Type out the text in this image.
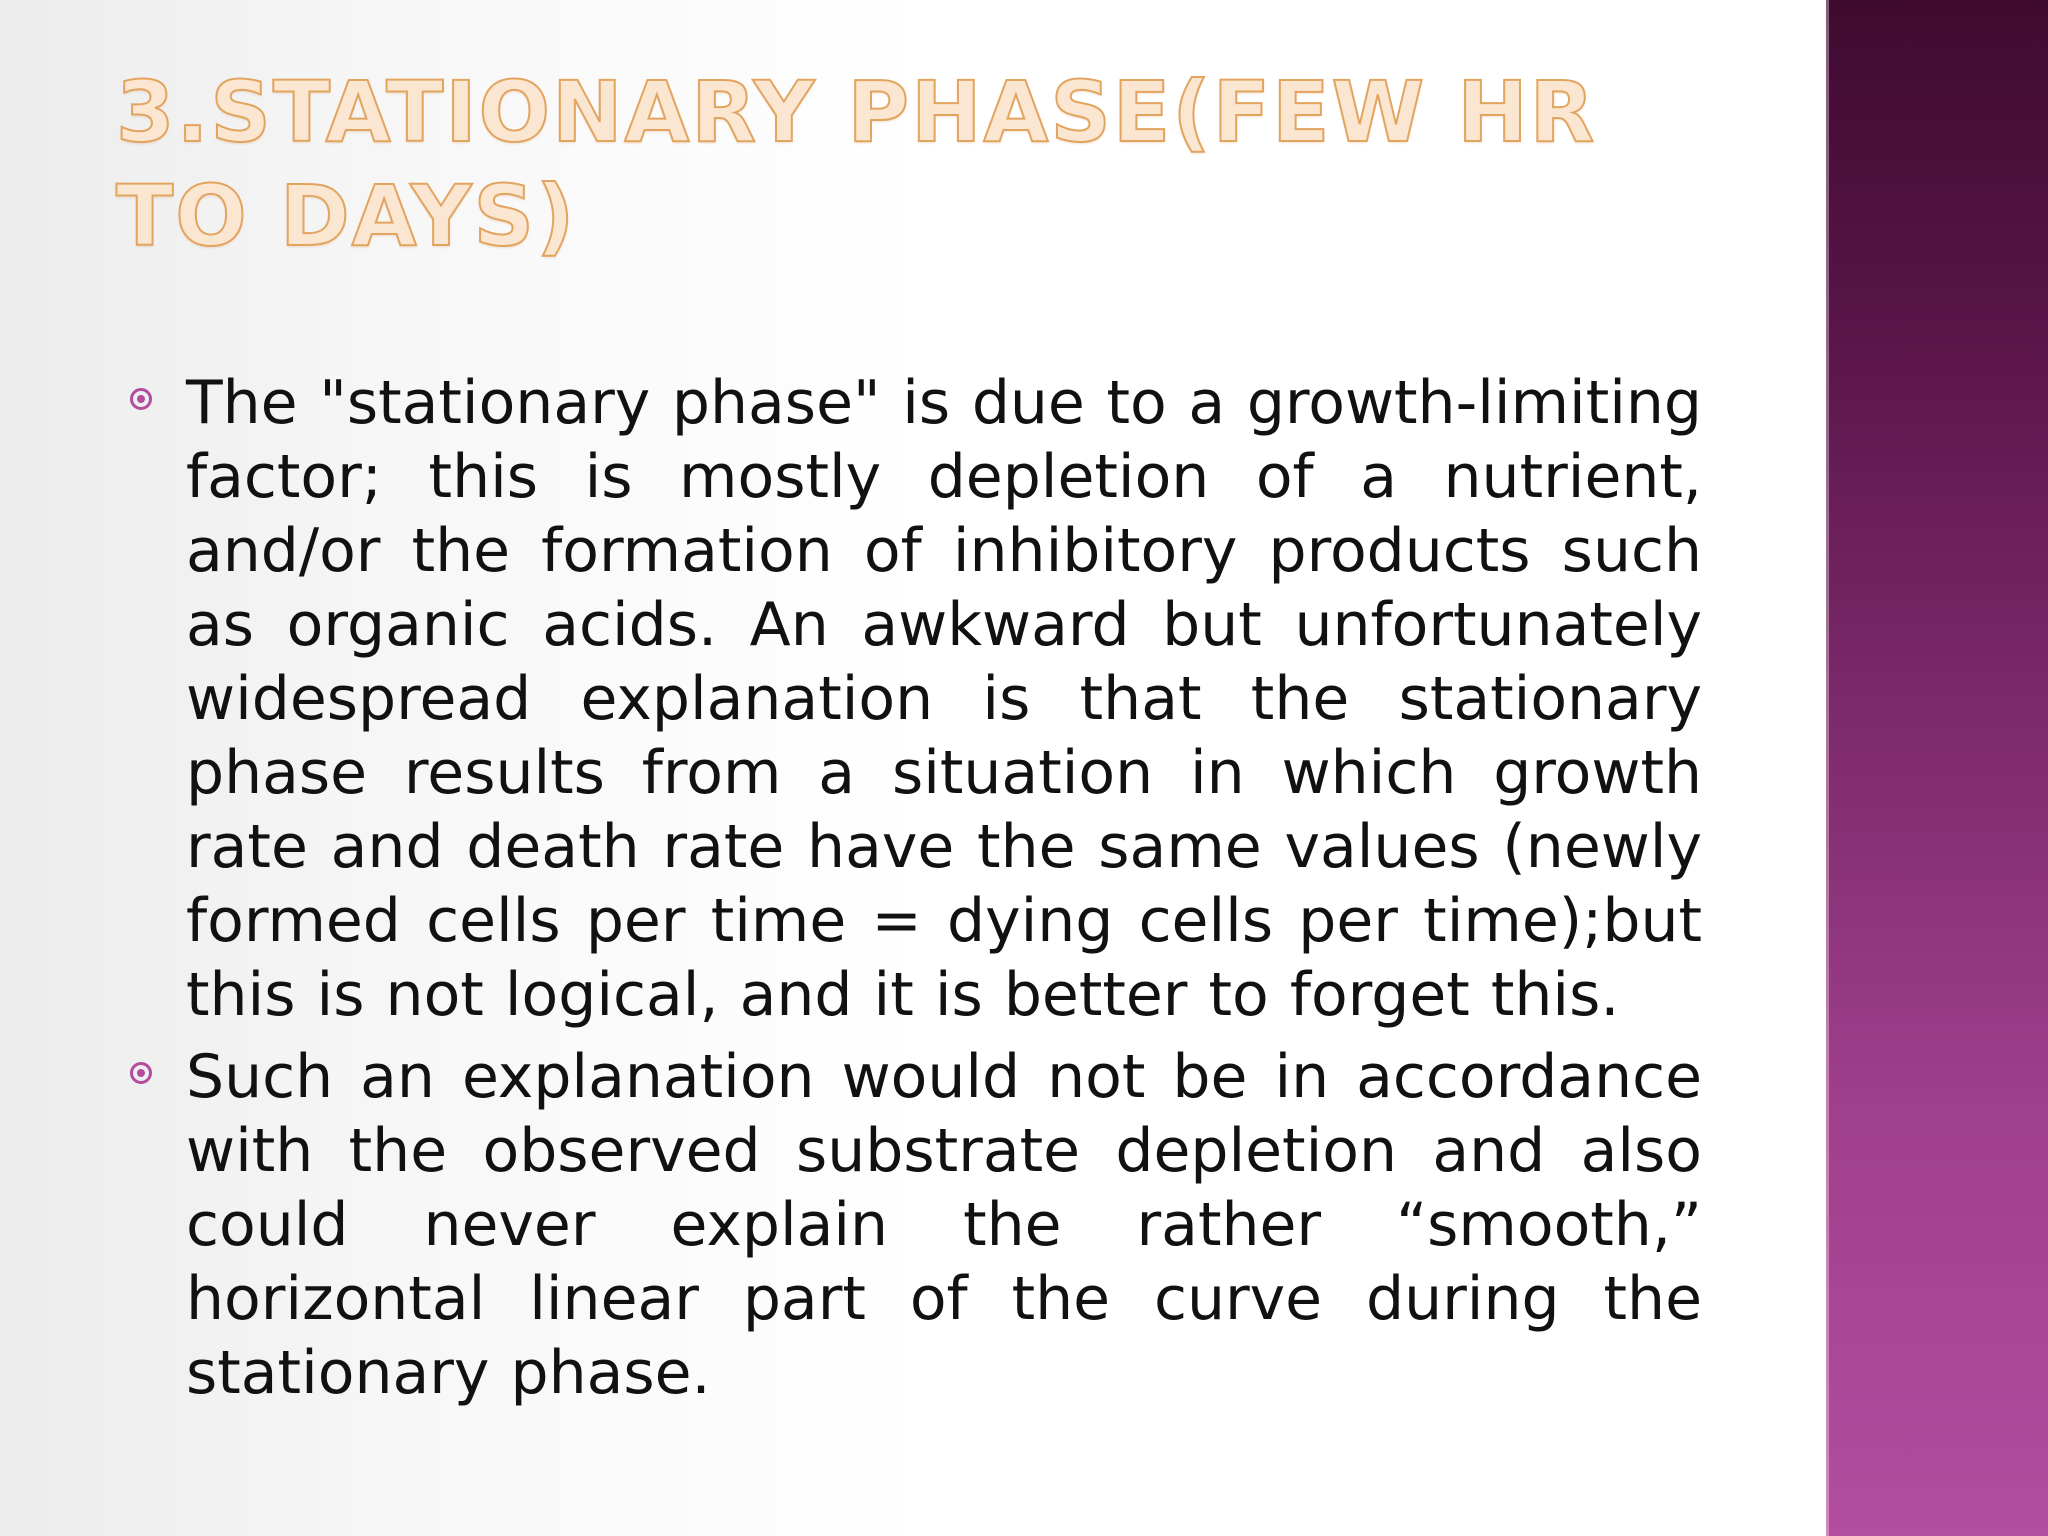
3.STATIONARY PHASE(FEW HR TO DAYS)
The "stationary phase" is due to a growth-limiting factor; this is mostly depletion of a nutrient, and/or the formation of inhibitory products such as organic acids. An awkward but unfortunately widespread explanation is that the stationary phase results from a situation in which growth rate and death rate have the same values (newly formed cells per time = dying cells per time);but this is not logical, and it is better to forget this.
Such an explanation would not be in accordance with the observed substrate depletion and also could never explain the rather “smooth,” horizontal linear part of the curve during the stationary phase.
